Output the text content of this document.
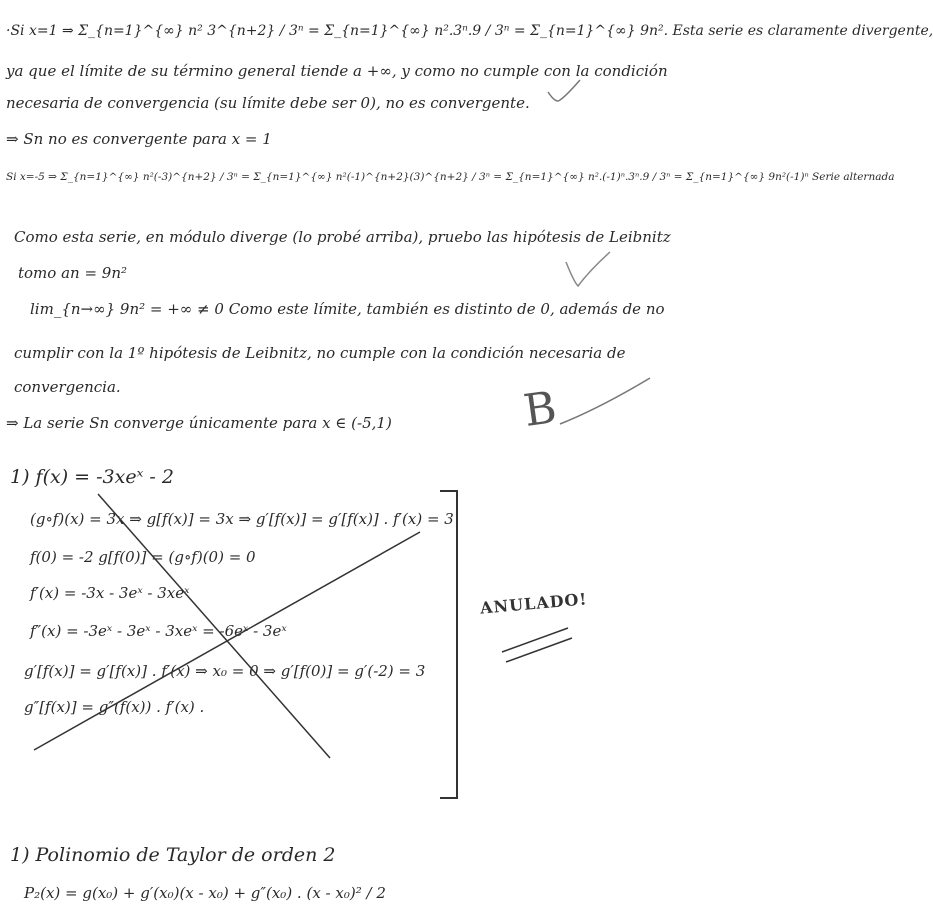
·Si x=1 ⇒ Σ_{n=1}^{∞} n² 3^{n+2} / 3ⁿ = Σ_{n=1}^{∞} n².3ⁿ.9 / 3ⁿ = Σ_{n=1}^{∞} 9n². Esta serie es claramente divergente,
ya que el límite de su término general tiende a +∞, y como no cumple con la condición
necesaria de convergencia (su límite debe ser 0), no es convergente.
⇒ Sn no es convergente para x = 1
Si x=-5 ⇒ Σ_{n=1}^{∞} n²(-3)^{n+2} / 3ⁿ = Σ_{n=1}^{∞} n²(-1)^{n+2}(3)^{n+2} / 3ⁿ = Σ_{n=1}^{∞} n².(-1)ⁿ.3ⁿ.9 / 3ⁿ = Σ_{n=1}^{∞} 9n²(-1)ⁿ Serie alternada
Como esta serie, en módulo diverge (lo probé arriba), pruebo las hipótesis de Leibnitz
tomo an = 9n²
lim_{n→∞} 9n² = +∞ ≠ 0 Como este límite, también es distinto de 0, además de no
cumplir con la 1º hipótesis de Leibnitz, no cumple con la condición necesaria de
convergencia.
⇒ La serie Sn converge únicamente para x ∈ (-5,1)	B
1) f(x) = -3xeˣ - 2
(g∘f)(x) = 3x ⇒ g[f(x)] = 3x ⇒ g′[f(x)] = g′[f(x)] . f′(x) = 3
f(0) = -2 g[f(0)] = (g∘f)(0) = 0
f′(x) = -3x - 3eˣ - 3xeˣ
f″(x) = -3eˣ - 3eˣ - 3xeˣ = -6eˣ - 3eˣ
g′[f(x)] = g′[f(x)] . f′(x) ⇒ x₀ = 0 ⇒ g′[f(0)] = g′(-2) = 3
g″[f(x)] = g″(f(x)) . f′(x) .
ANULADO!
1) Polinomio de Taylor de orden 2
P₂(x) = g(x₀) + g′(x₀)(x - x₀) + g″(x₀) . (x - x₀)² / 2
